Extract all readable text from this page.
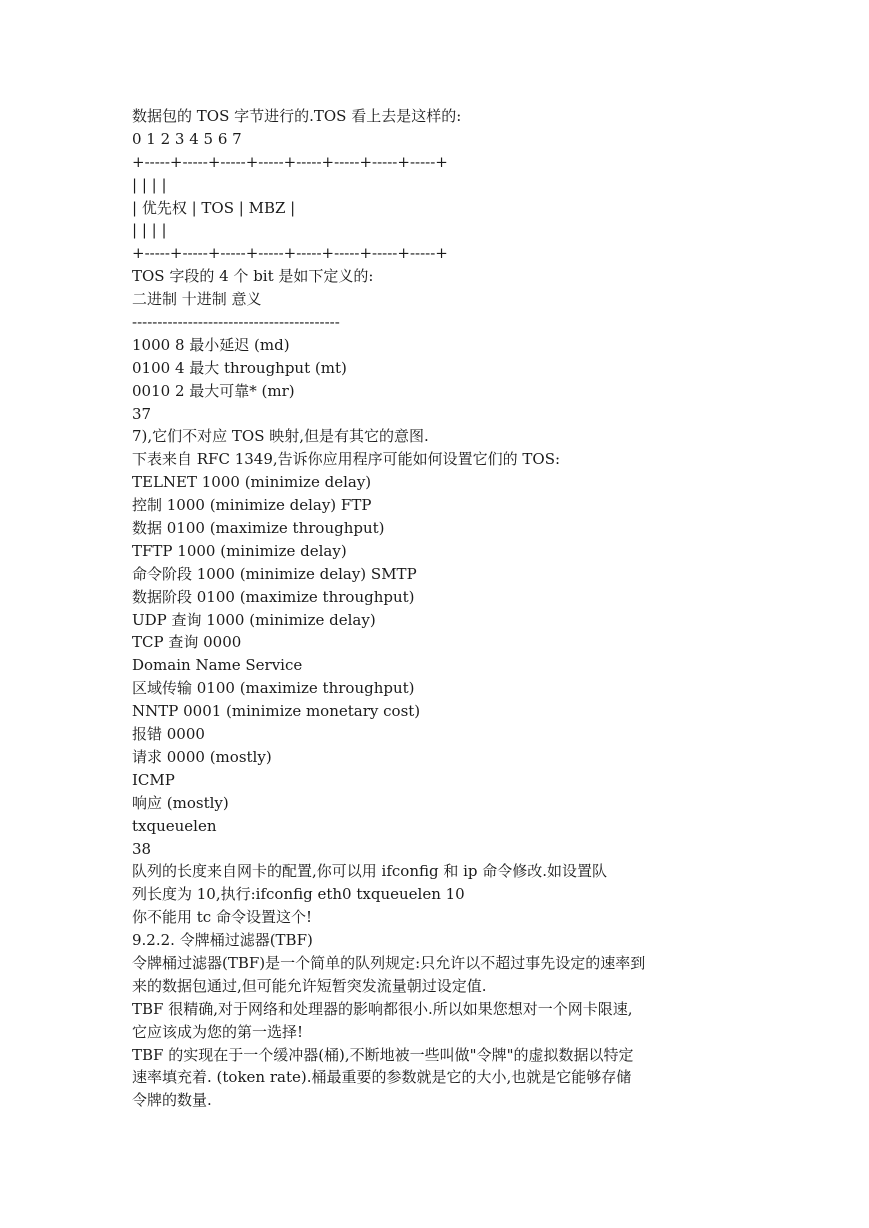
数据包的 TOS 字节进行的.TOS 看上去是这样的:
0 1 2 3 4 5 6 7
+-----+-----+-----+-----+-----+-----+-----+-----+
| | | |
| 优先权 | TOS | MBZ |
| | | |
+-----+-----+-----+-----+-----+-----+-----+-----+
TOS 字段的 4 个 bit 是如下定义的:
二进制 十进制 意义
-----------------------------------------
1000 8 最小延迟 (md)
0100 4 最大 throughput (mt)
0010 2 最大可靠* (mr)
37
7),它们不对应 TOS 映射,但是有其它的意图.
下表来自 RFC 1349,告诉你应用程序可能如何设置它们的 TOS:
TELNET 1000 (minimize delay)
控制 1000 (minimize delay) FTP
数据 0100 (maximize throughput)
TFTP 1000 (minimize delay)
命令阶段 1000 (minimize delay) SMTP
数据阶段 0100 (maximize throughput)
UDP 查询 1000 (minimize delay)
TCP 查询 0000
Domain Name Service
区域传输 0100 (maximize throughput)
NNTP 0001 (minimize monetary cost)
报错 0000
请求 0000 (mostly)
ICMP
响应 (mostly)
txqueuelen
38
队列的长度来自网卡的配置,你可以用 ifconfig 和 ip 命令修改.如设置队
列长度为 10,执行:ifconfig eth0 txqueuelen 10
你不能用 tc 命令设置这个!
9.2.2. 令牌桶过滤器(TBF)
令牌桶过滤器(TBF)是一个简单的队列规定:只允许以不超过事先设定的速率到
来的数据包通过,但可能允许短暂突发流量朝过设定值.
TBF 很精确,对于网络和处理器的影响都很小.所以如果您想对一个网卡限速,
它应该成为您的第一选择!
TBF 的实现在于一个缓冲器(桶),不断地被一些叫做"令牌"的虚拟数据以特定
速率填充着. (token rate).桶最重要的参数就是它的大小,也就是它能够存储
令牌的数量.
